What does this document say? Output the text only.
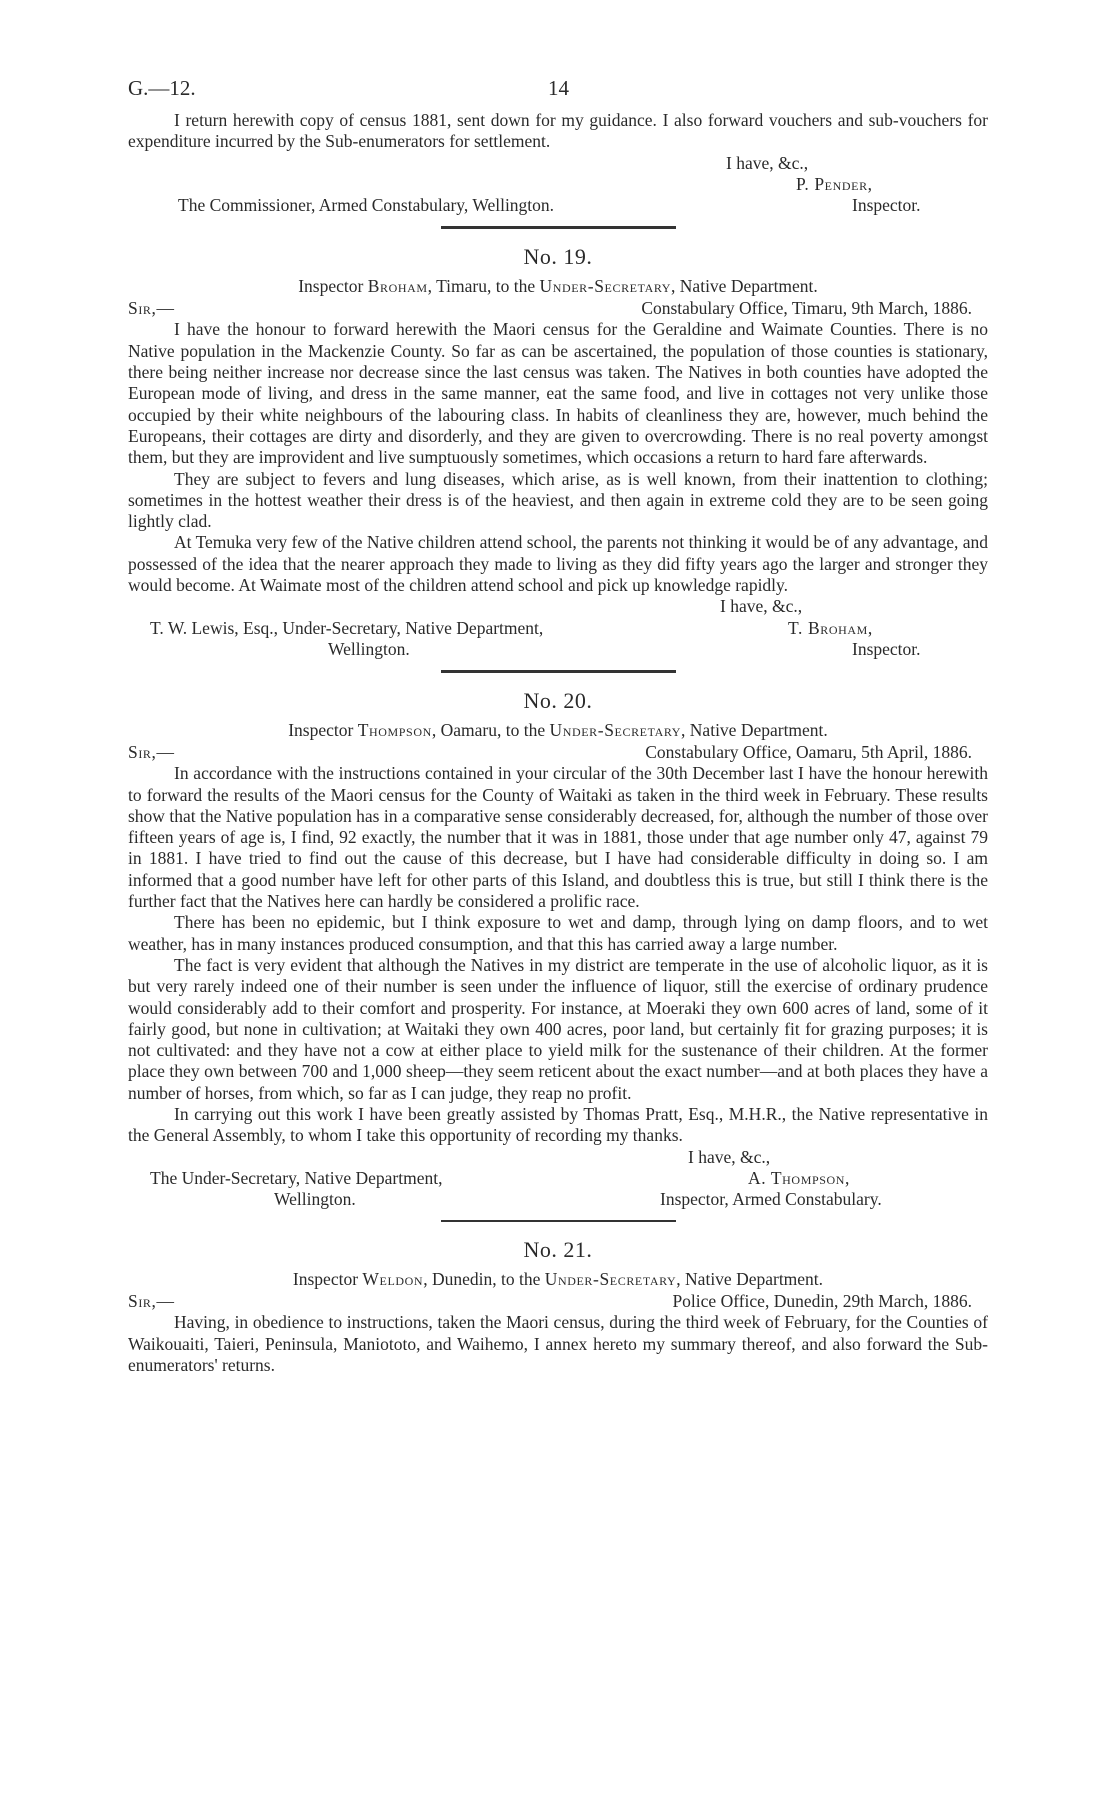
G.—12.	14

I return herewith copy of census 1881, sent down for my guidance. I also forward vouchers and sub-vouchers for expenditure incurred by the Sub-enumerators for settlement.

I have, &c.,
P. Pender,
The Commissioner, Armed Constabulary, Wellington.	Inspector.
No. 19.
Inspector Broham, Timaru, to the Under-Secretary, Native Department.
Sir,—	Constabulary Office, Timaru, 9th March, 1886.

I have the honour to forward herewith the Maori census for the Geraldine and Waimate Counties. There is no Native population in the Mackenzie County. So far as can be ascertained, the population of those counties is stationary, there being neither increase nor decrease since the last census was taken. The Natives in both counties have adopted the European mode of living, and dress in the same manner, eat the same food, and live in cottages not very unlike those occupied by their white neighbours of the labouring class. In habits of cleanliness they are, however, much behind the Europeans, their cottages are dirty and disorderly, and they are given to overcrowding. There is no real poverty amongst them, but they are improvident and live sumptuously sometimes, which occasions a return to hard fare afterwards.

They are subject to fevers and lung diseases, which arise, as is well known, from their inattention to clothing; sometimes in the hottest weather their dress is of the heaviest, and then again in extreme cold they are to be seen going lightly clad.

At Temuka very few of the Native children attend school, the parents not thinking it would be of any advantage, and possessed of the idea that the nearer approach they made to living as they did fifty years ago the larger and stronger they would become. At Waimate most of the children attend school and pick up knowledge rapidly.

I have, &c.,
T. W. Lewis, Esq., Under-Secretary, Native Department,	T. Broham,
Wellington.	Inspector.
No. 20.
Inspector Thompson, Oamaru, to the Under-Secretary, Native Department.
Sir,—	Constabulary Office, Oamaru, 5th April, 1886.

In accordance with the instructions contained in your circular of the 30th December last I have the honour herewith to forward the results of the Maori census for the County of Waitaki as taken in the third week in February. These results show that the Native population has in a comparative sense considerably decreased, for, although the number of those over fifteen years of age is, I find, 92 exactly, the number that it was in 1881, those under that age number only 47, against 79 in 1881. I have tried to find out the cause of this decrease, but I have had considerable difficulty in doing so. I am informed that a good number have left for other parts of this Island, and doubtless this is true, but still I think there is the further fact that the Natives here can hardly be considered a prolific race.

There has been no epidemic, but I think exposure to wet and damp, through lying on damp floors, and to wet weather, has in many instances produced consumption, and that this has carried away a large number.

The fact is very evident that although the Natives in my district are temperate in the use of alcoholic liquor, as it is but very rarely indeed one of their number is seen under the influence of liquor, still the exercise of ordinary prudence would considerably add to their comfort and prosperity. For instance, at Moeraki they own 600 acres of land, some of it fairly good, but none in cultivation; at Waitaki they own 400 acres, poor land, but certainly fit for grazing purposes; it is not cultivated: and they have not a cow at either place to yield milk for the sustenance of their children. At the former place they own between 700 and 1,000 sheep—they seem reticent about the exact number—and at both places they have a number of horses, from which, so far as I can judge, they reap no profit.

In carrying out this work I have been greatly assisted by Thomas Pratt, Esq., M.H.R., the Native representative in the General Assembly, to whom I take this opportunity of recording my thanks.

I have, &c.,
The Under-Secretary, Native Department,	A. Thompson,
Wellington.	Inspector, Armed Constabulary.
No. 21.
Inspector Weldon, Dunedin, to the Under-Secretary, Native Department.
Sir,—	Police Office, Dunedin, 29th March, 1886.

Having, in obedience to instructions, taken the Maori census, during the third week of February, for the Counties of Waikouaiti, Taieri, Peninsula, Maniototo, and Waihemo, I annex hereto my summary thereof, and also forward the Sub-enumerators' returns.
